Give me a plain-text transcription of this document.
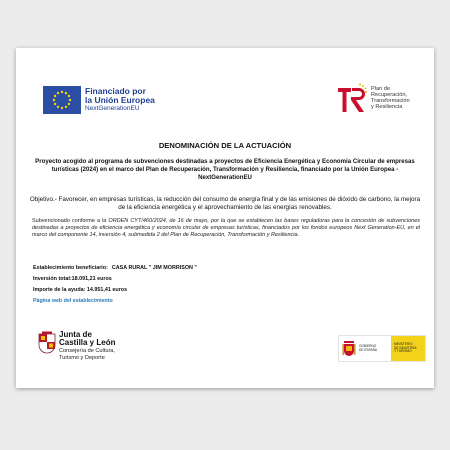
Financiado por
la Unión Europea
NextGenerationEU
Plan de
Recuperación,
Transformación
y Resiliencia
DENOMINACIÓN DE LA ACTUACIÓN
Proyecto acogido al programa de subvenciones destinadas a proyectos de Eficiencia Energética y Economía Circular de empresas turísticas (2024) en el marco del Plan de Recuperación, Transformación y Resiliencia, financiado por la Unión Europea - NextGenerationEU
Objetivo.- Favorecer, en empresas turísticas, la reducción del consumo de energía final y de las emisiones de dióxido de carbono, la mejora de la eficiencia energética y el aprovechamiento de las energías renovables.
Subvencionado conforme a la ORDEN CYT/460/2024, de 16 de mayo, por la que se establecen las bases reguladoras para la concesión de subvenciones destinadas a proyectos de eficiencia energética y economía circular de empresas turísticas, financiados por los fondos europeos Next Generation-EU, en el marco del componente 14, inversión 4, submedida 2 del Plan de Recuperación, Transformación y Resiliencia.
Establecimiento beneficiario: CASA RURAL " JIM MORRISON "
Inversión total:18.091,21 euros
Importe de la ayuda: 14.951,41 euros
Página web del establecimiento
Junta de
Castilla y León
Consejería de Cultura,
Turismo y Deporte
GOBIERNO
DE ESPAÑA
MINISTERIO
DE INDUSTRIA
Y TURISMO
